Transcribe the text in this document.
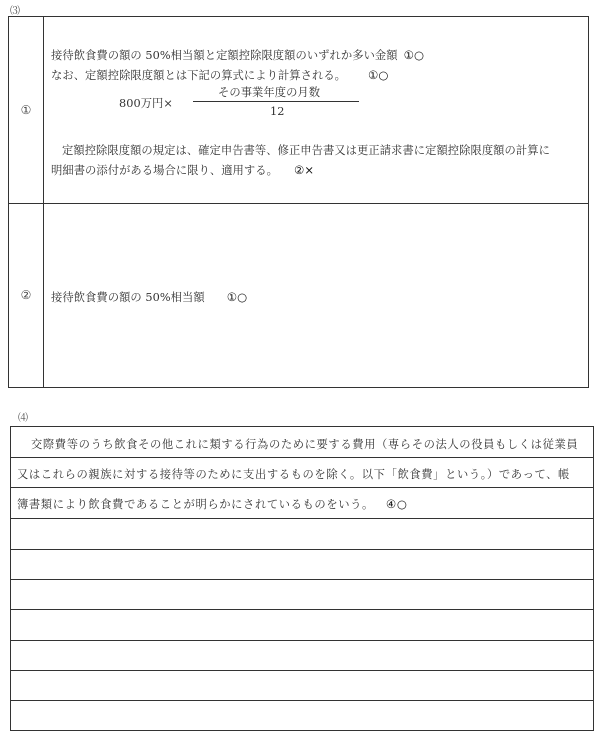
⑶
①
②
接待飲食費の額の 50%相当額と定額控除限度額のいずれか多い金額 ①○
なお、定額控除限度額とは下記の算式により計算される。 ①○
800万円×
その事業年度の月数
12
定額控除限度額の規定は、確定申告書等、修正申告書又は更正請求書に定額控除限度額の計算に
明細書の添付がある場合に限り、適用する。 ②×
接待飲食費の額の 50%相当額 ①○
⑷
交際費等のうち飲食その他これに類する行為のために要する費用（専らその法人の役員もしくは従業員
又はこれらの親族に対する接待等のために支出するものを除く。以下「飲食費」という。）であって、帳
簿書類により飲食費であることが明らかにされているものをいう。 ④○
